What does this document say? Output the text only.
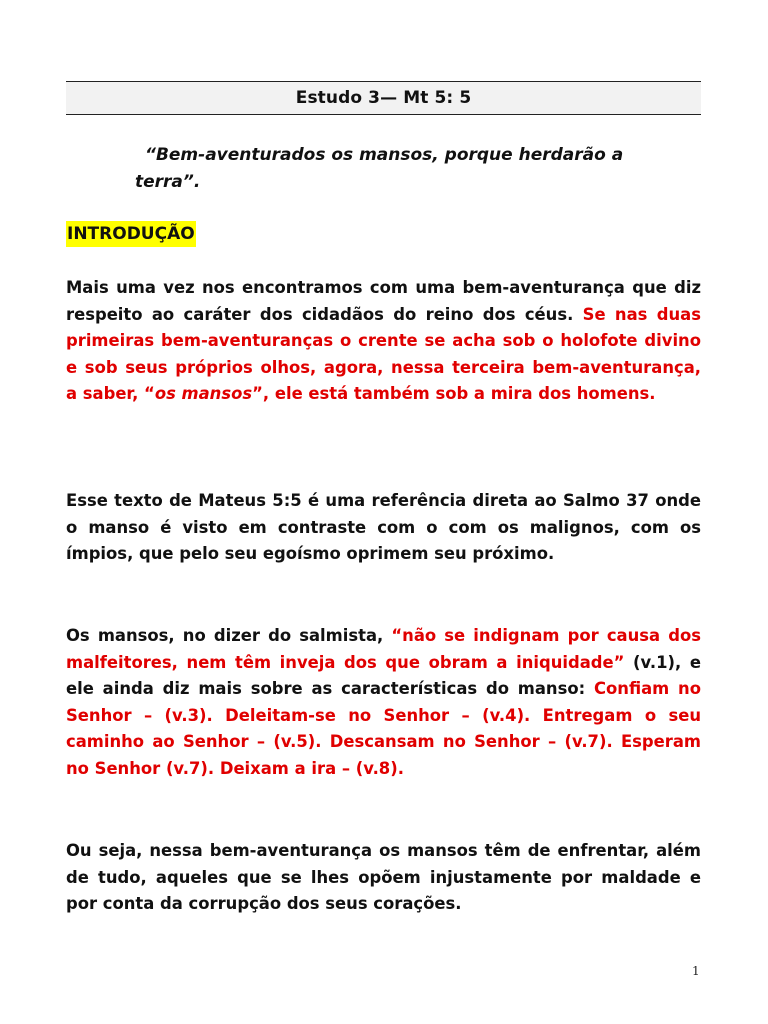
Estudo 3— Mt 5: 5
“Bem-aventurados os mansos, porque herdarão a terra”.
INTRODUÇÃO
Mais uma vez nos encontramos com uma bem-aventurança que diz respeito ao caráter dos cidadãos do reino dos céus. Se nas duas primeiras bem-aventuranças o crente se acha sob o holofote divino e sob seus próprios olhos, agora, nessa terceira bem-aventurança, a saber, “os mansos”, ele está também sob a mira dos homens.
Esse texto de Mateus 5:5 é uma referência direta ao Salmo 37 onde o manso é visto em contraste com o com os malignos, com os ímpios, que pelo seu egoísmo oprimem seu próximo.
Os mansos, no dizer do salmista, “não se indignam por causa dos malfeitores, nem têm inveja dos que obram a iniquidade” (v.1), e ele ainda diz mais sobre as características do manso: Confiam no Senhor – (v.3). Deleitam-se no Senhor – (v.4). Entregam o seu caminho ao Senhor – (v.5). Descansam no Senhor – (v.7). Esperam no Senhor (v.7). Deixam a ira – (v.8).
Ou seja, nessa bem-aventurança os mansos têm de enfrentar, além de tudo, aqueles que se lhes opõem injustamente por maldade e por conta da corrupção dos seus corações.
1
